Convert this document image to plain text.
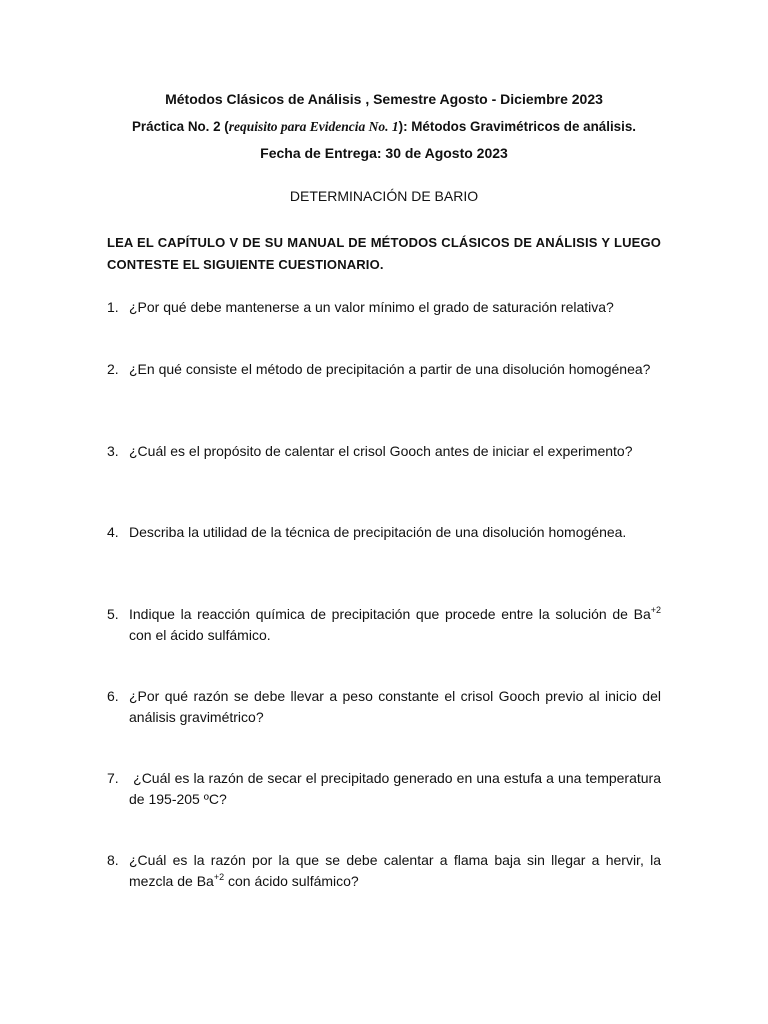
Métodos Clásicos de Análisis , Semestre Agosto - Diciembre 2023
Práctica No. 2 (requisito para Evidencia No. 1): Métodos Gravimétricos de análisis.
Fecha de Entrega: 30 de Agosto 2023
DETERMINACIÓN DE BARIO
LEA EL CAPÍTULO V DE SU MANUAL DE MÉTODOS CLÁSICOS DE ANÁLISIS Y LUEGO CONTESTE EL SIGUIENTE CUESTIONARIO.
1. ¿Por qué debe mantenerse a un valor mínimo el grado de saturación relativa?
2. ¿En qué consiste el método de precipitación a partir de una disolución homogénea?
3. ¿Cuál es el propósito de calentar el crisol Gooch antes de iniciar el experimento?
4. Describa la utilidad de la técnica de precipitación de una disolución homogénea.
5. Indique la reacción química de precipitación que procede entre la solución de $Ba^{+2}$ con el ácido sulfámico.
6. ¿Por qué razón se debe llevar a peso constante el crisol Gooch previo al inicio del análisis gravimétrico?
7. ¿Cuál es la razón de secar el precipitado generado en una estufa a una temperatura de 195-205 ºC?
8. ¿Cuál es la razón por la que se debe calentar a flama baja sin llegar a hervir, la mezcla de $Ba^{+2}$ con ácido sulfámico?
